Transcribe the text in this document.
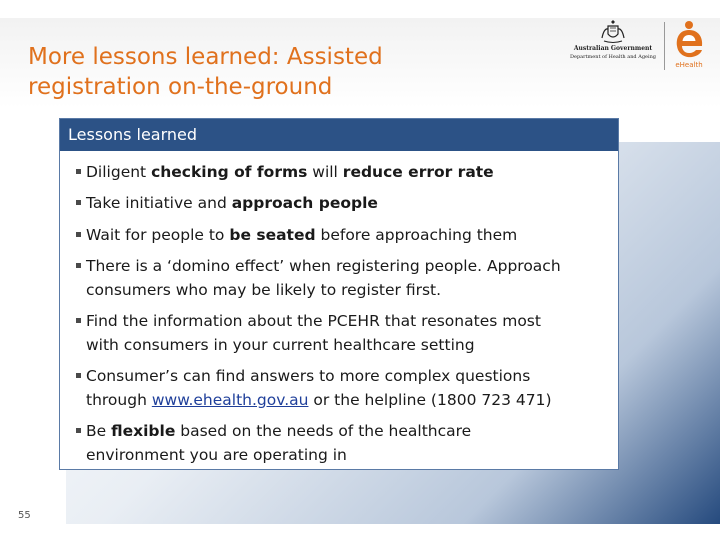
More lessons learned: Assisted
registration on-the-ground
Australian Government
Department of Health and Ageing
eHealth
Lessons learned
Diligent checking of forms will reduce error rate
Take initiative and approach people
Wait for people to be seated before approaching them
There is a ‘domino effect’ when registering people. Approach
consumers who may be likely to register first.
Find the information about the PCEHR that resonates most
with consumers in your current healthcare setting
Consumer’s can find answers to more complex questions
through www.ehealth.gov.au or the helpline (1800 723 471)
Be flexible based on the needs of the healthcare
environment you are operating in
55
